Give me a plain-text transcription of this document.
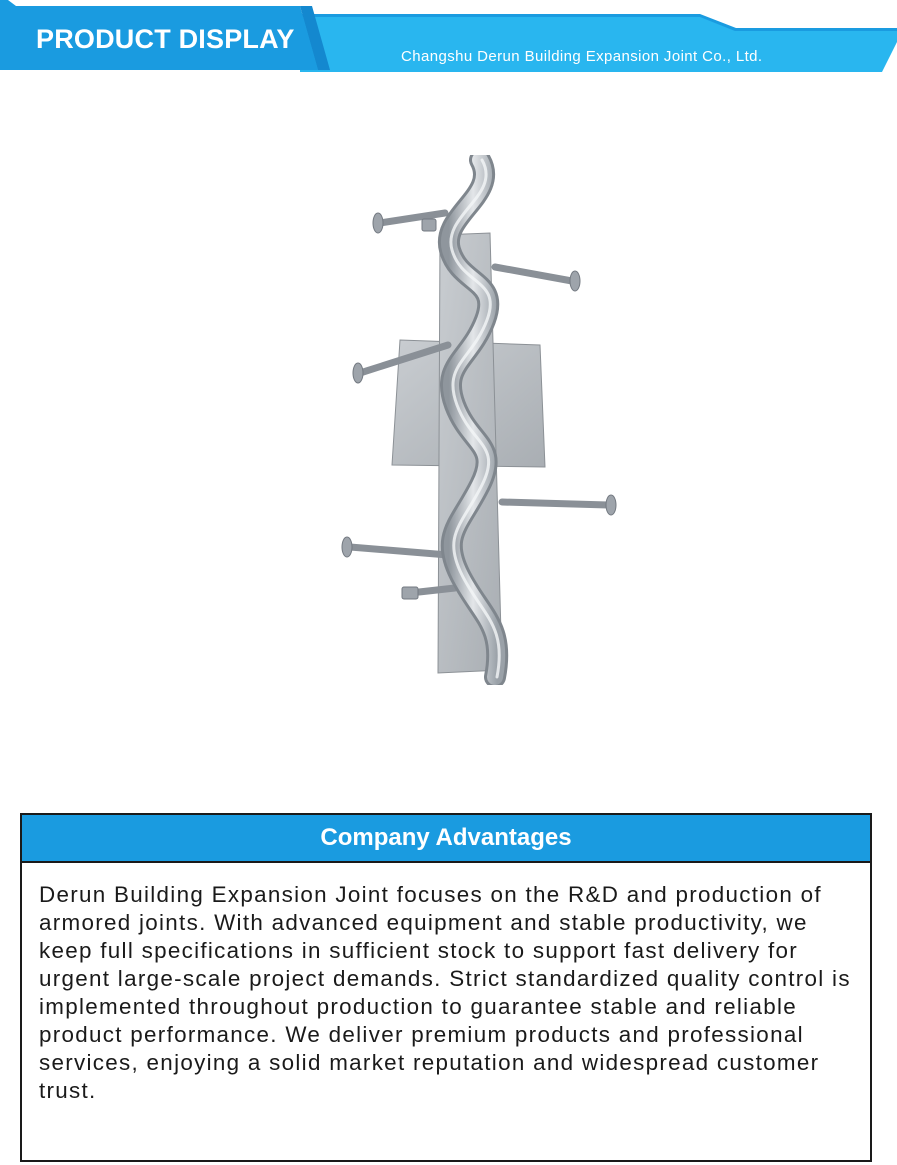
PRODUCT DISPLAY
Changshu Derun Building Expansion Joint Co., Ltd.
Company Advantages

Derun Building Expansion Joint focuses on the R&D and production of armored joints. With advanced equipment and stable productivity, we keep full specifications in sufficient stock to support fast delivery for urgent large-scale project demands. Strict standardized quality control is implemented throughout production to guarantee stable and reliable product performance. We deliver premium products and professional services, enjoying a solid market reputation and widespread customer trust.
